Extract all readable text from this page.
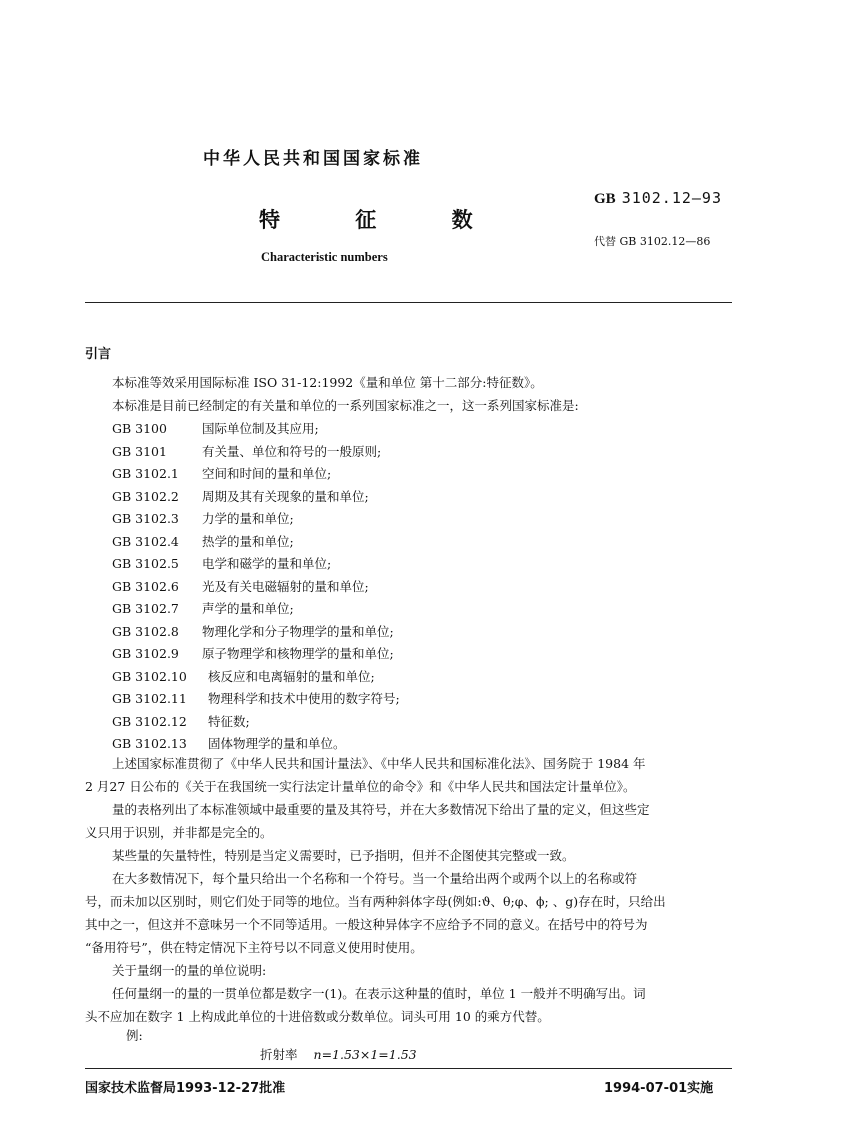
中华人民共和国国家标准
GB 3102.12—93
特 征 数
代替 GB 3102.12—86
Characteristic numbers
引言
本标准等效采用国际标准 ISO 31-12:1992《量和单位 第十二部分:特征数》。
本标准是目前已经制定的有关量和单位的一系列国家标准之一，这一系列国家标准是:
GB 3100	国际单位制及其应用;
GB 3101	有关量、单位和符号的一般原则;
GB 3102.1 空间和时间的量和单位;
GB 3102.2 周期及其有关现象的量和单位;
GB 3102.3 力学的量和单位;
GB 3102.4 热学的量和单位;
GB 3102.5 电学和磁学的量和单位;
GB 3102.6 光及有关电磁辐射的量和单位;
GB 3102.7 声学的量和单位;
GB 3102.8 物理化学和分子物理学的量和单位;
GB 3102.9 原子物理学和核物理学的量和单位;
GB 3102.10 核反应和电离辐射的量和单位;
GB 3102.11 物理科学和技术中使用的数字符号;
GB 3102.12 特征数;
GB 3102.13 固体物理学的量和单位。
上述国家标准贯彻了《中华人民共和国计量法》、《中华人民共和国标准化法》、国务院于 1984 年
2 月27 日公布的《关于在我国统一实行法定计量单位的命令》和《中华人民共和国法定计量单位》。
量的表格列出了本标准领域中最重要的量及其符号，并在大多数情况下给出了量的定义，但这些定
义只用于识别，并非都是完全的。
某些量的矢量特性，特别是当定义需要时，已予指明，但并不企图使其完整或一致。
在大多数情况下，每个量只给出一个名称和一个符号。当一个量给出两个或两个以上的名称或符
号，而未加以区别时，则它们处于同等的地位。当有两种斜体字母(例如:ϑ、θ;φ、ϕ; 、g)存在时，只给出
其中之一，但这并不意味另一个不同等适用。一般这种异体字不应给予不同的意义。在括号中的符号为
“备用符号”，供在特定情况下主符号以不同意义使用时使用。
关于量纲一的量的单位说明:
任何量纲一的量的一贯单位都是数字一(1)。在表示这种量的值时，单位 1 一般并不明确写出。词
头不应加在数字 1 上构成此单位的十进倍数或分数单位。词头可用 10 的乘方代替。
例:
折射率 n=1.53×1=1.53
国家技术监督局1993-12-27批准	1994-07-01实施
